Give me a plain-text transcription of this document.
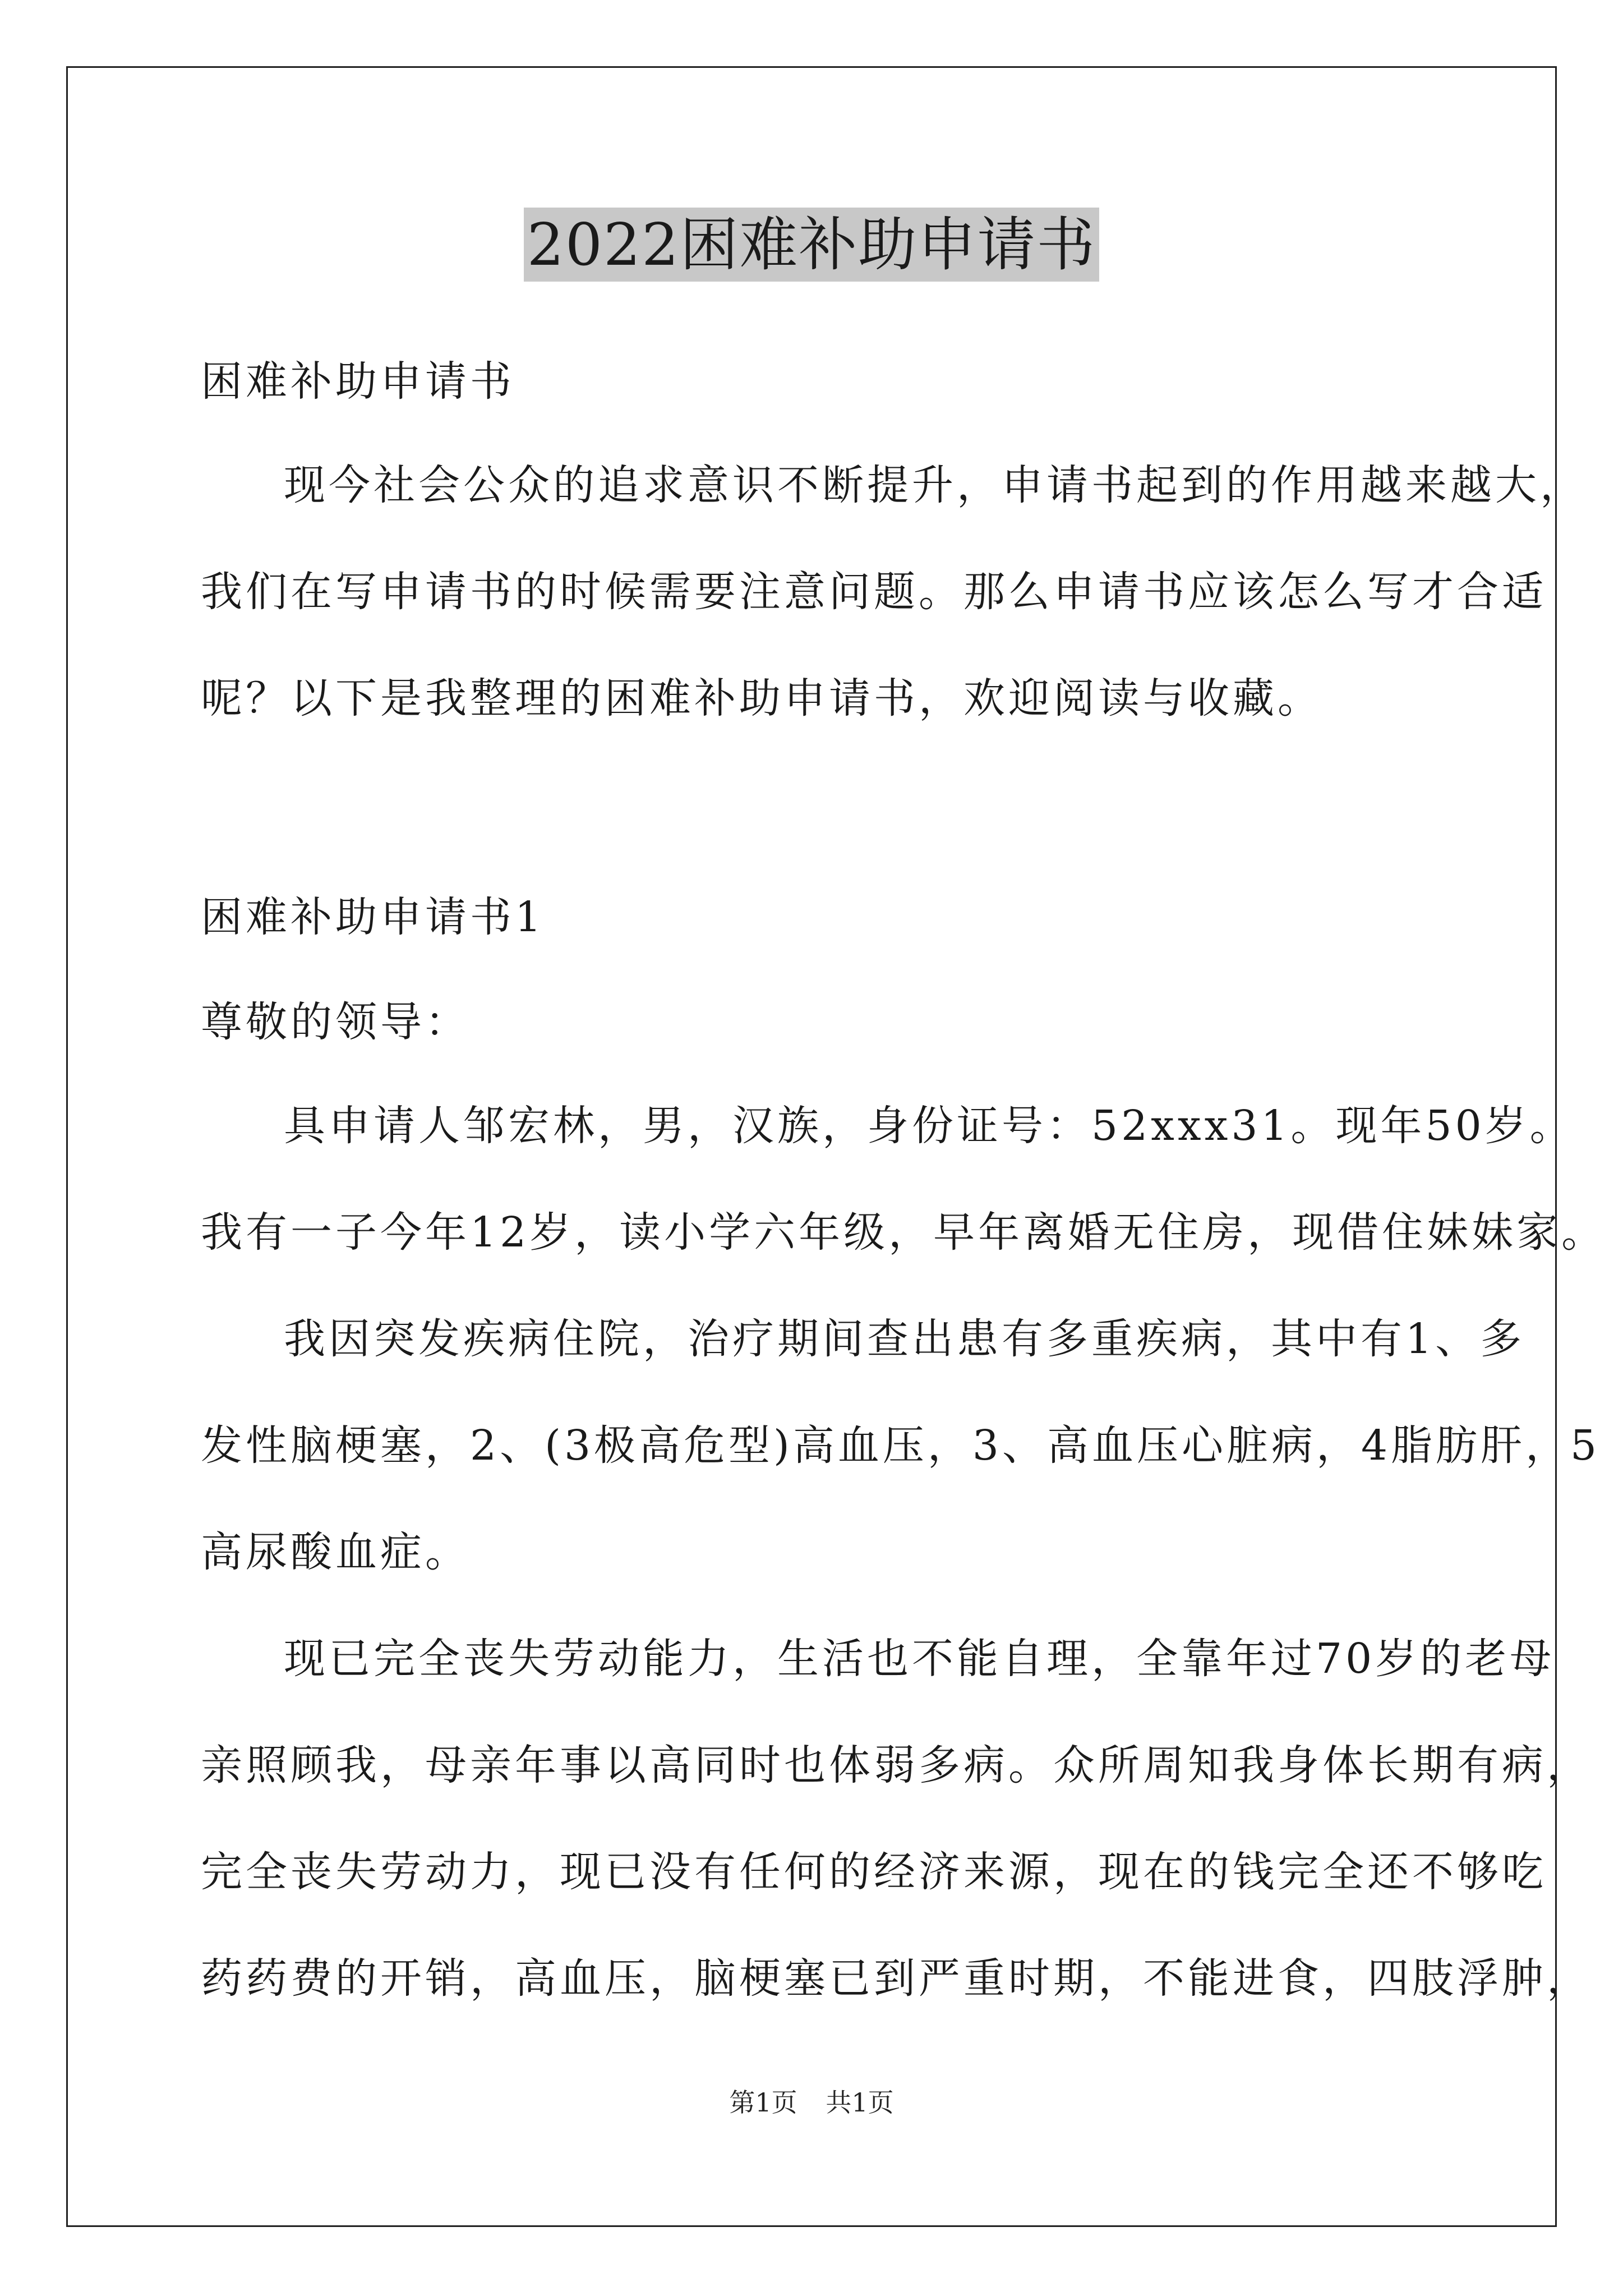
2022困难补助申请书

困难补助申请书

现今社会公众的追求意识不断提升，申请书起到的作用越来越大，
我们在写申请书的时候需要注意问题。那么申请书应该怎么写才合适
呢？以下是我整理的困难补助申请书，欢迎阅读与收藏。

困难补助申请书1

尊敬的领导：

具申请人邹宏林，男，汉族，身份证号：52xxx31。现年50岁。
我有一子今年12岁，读小学六年级，早年离婚无住房，现借住妹妹家。
我因突发疾病住院，治疗期间查出患有多重疾病，其中有1、多
发性脑梗塞，2、(3极高危型)高血压，3、高血压心脏病，4脂肪肝，5
高尿酸血症。
现已完全丧失劳动能力，生活也不能自理，全靠年过70岁的老母
亲照顾我，母亲年事以高同时也体弱多病。众所周知我身体长期有病，
完全丧失劳动力，现已没有任何的经济来源，现在的钱完全还不够吃
药药费的开销，高血压，脑梗塞已到严重时期，不能进食，四肢浮肿，
第1页 共1页
